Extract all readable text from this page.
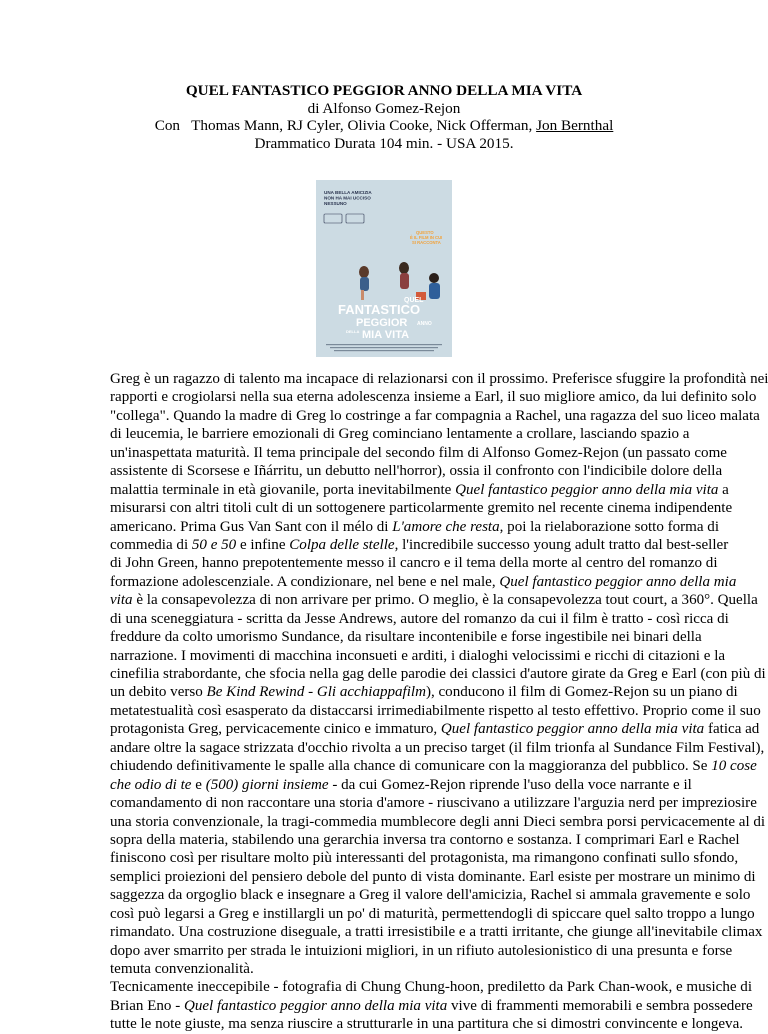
QUEL FANTASTICO PEGGIOR ANNO DELLA MIA VITA
di Alfonso Gomez-Rejon
Con   Thomas Mann, RJ Cyler, Olivia Cooke, Nick Offerman, Jon Bernthal
Drammatico Durata 104 min. - USA 2015.
UNA BELLA AMICIZIA NON HA MAI UCCISO NESSUNO
QUESTO È IL FILM IN CUI SI RACCONTA
QUEL FANTASTICO PEGGIOR ANNO DELLA MIA VITA
Greg è un ragazzo di talento ma incapace di relazionarsi con il prossimo. Preferisce sfuggire la profondità nei
rapporti e crogiolarsi nella sua eterna adolescenza insieme a Earl, il suo migliore amico, da lui definito solo
"collega". Quando la madre di Greg lo costringe a far compagnia a Rachel, una ragazza del suo liceo malata
di leucemia, le barriere emozionali di Greg cominciano lentamente a crollare, lasciando spazio a
un'inaspettata maturità. Il tema principale del secondo film di Alfonso Gomez-Rejon (un passato come
assistente di Scorsese e Iñárritu, un debutto nell'horror), ossia il confronto con l'indicibile dolore della
malattia terminale in età giovanile, porta inevitabilmente Quel fantastico peggior anno della mia vita a
misurarsi con altri titoli cult di un sottogenere particolarmente gremito nel recente cinema indipendente
americano. Prima Gus Van Sant con il mélo di L'amore che resta, poi la rielaborazione sotto forma di
commedia di 50 e 50 e infine Colpa delle stelle, l'incredibile successo young adult tratto dal best-seller
di John Green, hanno prepotentemente messo il cancro e il tema della morte al centro del romanzo di
formazione adolescenziale. A condizionare, nel bene e nel male, Quel fantastico peggior anno della mia
vita è la consapevolezza di non arrivare per primo. O meglio, è la consapevolezza tout court, a 360°. Quella
di una sceneggiatura - scritta da Jesse Andrews, autore del romanzo da cui il film è tratto - così ricca di
freddure da colto umorismo Sundance, da risultare incontenibile e forse ingestibile nei binari della
narrazione. I movimenti di macchina inconsueti e arditi, i dialoghi velocissimi e ricchi di citazioni e la
cinefilia strabordante, che sfocia nella gag delle parodie dei classici d'autore girate da Greg e Earl (con più di
un debito verso Be Kind Rewind - Gli acchiappafilm), conducono il film di Gomez-Rejon su un piano di
metatestualità così esasperato da distaccarsi irrimediabilmente rispetto al testo effettivo. Proprio come il suo
protagonista Greg, pervicacemente cinico e immaturo, Quel fantastico peggior anno della mia vita fatica ad
andare oltre la sagace strizzata d'occhio rivolta a un preciso target (il film trionfa al Sundance Film Festival),
chiudendo definitivamente le spalle alla chance di comunicare con la maggioranza del pubblico. Se 10 cose
che odio di te e (500) giorni insieme - da cui Gomez-Rejon riprende l'uso della voce narrante e il
comandamento di non raccontare una storia d'amore - riuscivano a utilizzare l'arguzia nerd per impreziosire
una storia convenzionale, la tragi-commedia mumblecore degli anni Dieci sembra porsi pervicacemente al di
sopra della materia, stabilendo una gerarchia inversa tra contorno e sostanza. I comprimari Earl e Rachel
finiscono così per risultare molto più interessanti del protagonista, ma rimangono confinati sullo sfondo,
semplici proiezioni del pensiero debole del punto di vista dominante. Earl esiste per mostrare un minimo di
saggezza da orgoglio black e insegnare a Greg il valore dell'amicizia, Rachel si ammala gravemente e solo
così può legarsi a Greg e instillargli un po' di maturità, permettendogli di spiccare quel salto troppo a lungo
rimandato. Una costruzione diseguale, a tratti irresistibile e a tratti irritante, che giunge all'inevitabile climax
dopo aver smarrito per strada le intuizioni migliori, in un rifiuto autolesionistico di una presunta e forse
temuta convenzionalità.
Tecnicamente ineccepibile - fotografia di Chung Chung-hoon, prediletto da Park Chan-wook, e musiche di
Brian Eno - Quel fantastico peggior anno della mia vita vive di frammenti memorabili e sembra possedere
tutte le note giuste, ma senza riuscire a strutturarle in una partitura che si dimostri convincente e longeva.
